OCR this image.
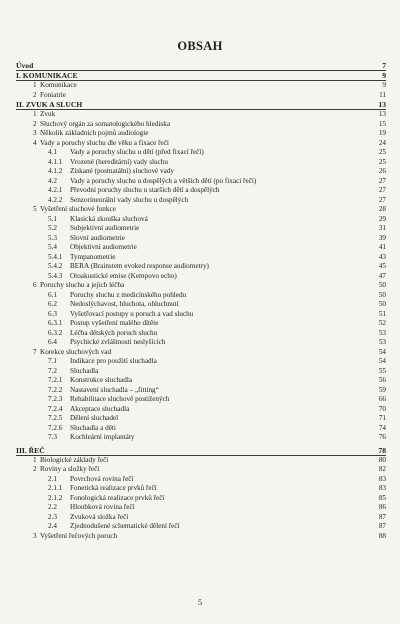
OBSAH
Úvod	7
I. KOMUNIKACE	9
1 Komunikace	9
2 Foniatrie	11
II. ZVUK A SLUCH	13
1 Zvuk	13
2 Sluchový orgán za somatologického hlediska	15
3 Několik základních pojmů audiologie	19
4 Vady a poruchy sluchu dle věku a fixace řečí	24
4.1 Vady a poruchy sluchu u dětí (před fixací řečí)	25
4.1.1 Vrozené (hereditární) vady sluchu	25
4.1.2 Získané (postnatální) sluchové vady	26
4.2 Vady a poruchy sluchu u dospělých a větších dětí (po fixaci řečí)	27
4.2.1 Převodní poruchy sluchu u starších dětí a dospělých	27
4.2.2 Senzorineurální vady sluchu u dospělých	27
5 Vyšetření sluchové funkce	28
5.1 Klasická zkouška sluchová	29
5.2 Subjektivní audiometrie	31
5.3 Slovní audiometrie	39
5.4 Objektivní audiometrie	41
5.4.1 Tympanometrie	43
5.4.2 BERA (Brainstem evoked response audiometry)	45
5.4.3 Otoakustické emise (Kempovo echo)	47
6 Poruchy sluchu a jejich léčba	50
6.1 Poruchy sluchu z medicínského pohledu	50
6.2 Nedoslýchavost, hluchota, ohluchnutí	50
6.3 Vyšetřovací postupy u poruch a vad sluchu	51
6.3.1 Postup vyšetření malého dítěte	52
6.3.2 Léčba dětských poruch sluchu	53
6.4 Psychické zvláštnosti neslyšících	53
7 Korekce sluchových vad	54
7.1 Indikace pro použití sluchadla	54
7.2 Sluchadla	55
7.2.1 Konstrukce sluchadla	56
7.2.2 Nastavení sluchadla – „fitting“	59
7.2.3 Rehabilitace sluchově postižených	66
7.2.4 Akceptace sluchadla	70
7.2.5 Dělení sluchadel	71
7.2.6 Sluchadla a děti	74
7.3 Kochleární implantáty	76
III. ŘEČ	78
1 Biologické základy řečí	80
2 Roviny a složky řečí	82
2.1 Povrchová rovina řečí	83
2.1.1 Fonetická realizace prvků řečí	83
2.1.2 Fonologická realizace prvků řečí	85
2.2 Hloubková rovina řečí	86
2.3 Zvuková složka řečí	87
2.4 Zjednodušené schematické dělení řečí	87
3 Vyšetření řečových poruch	88
5
